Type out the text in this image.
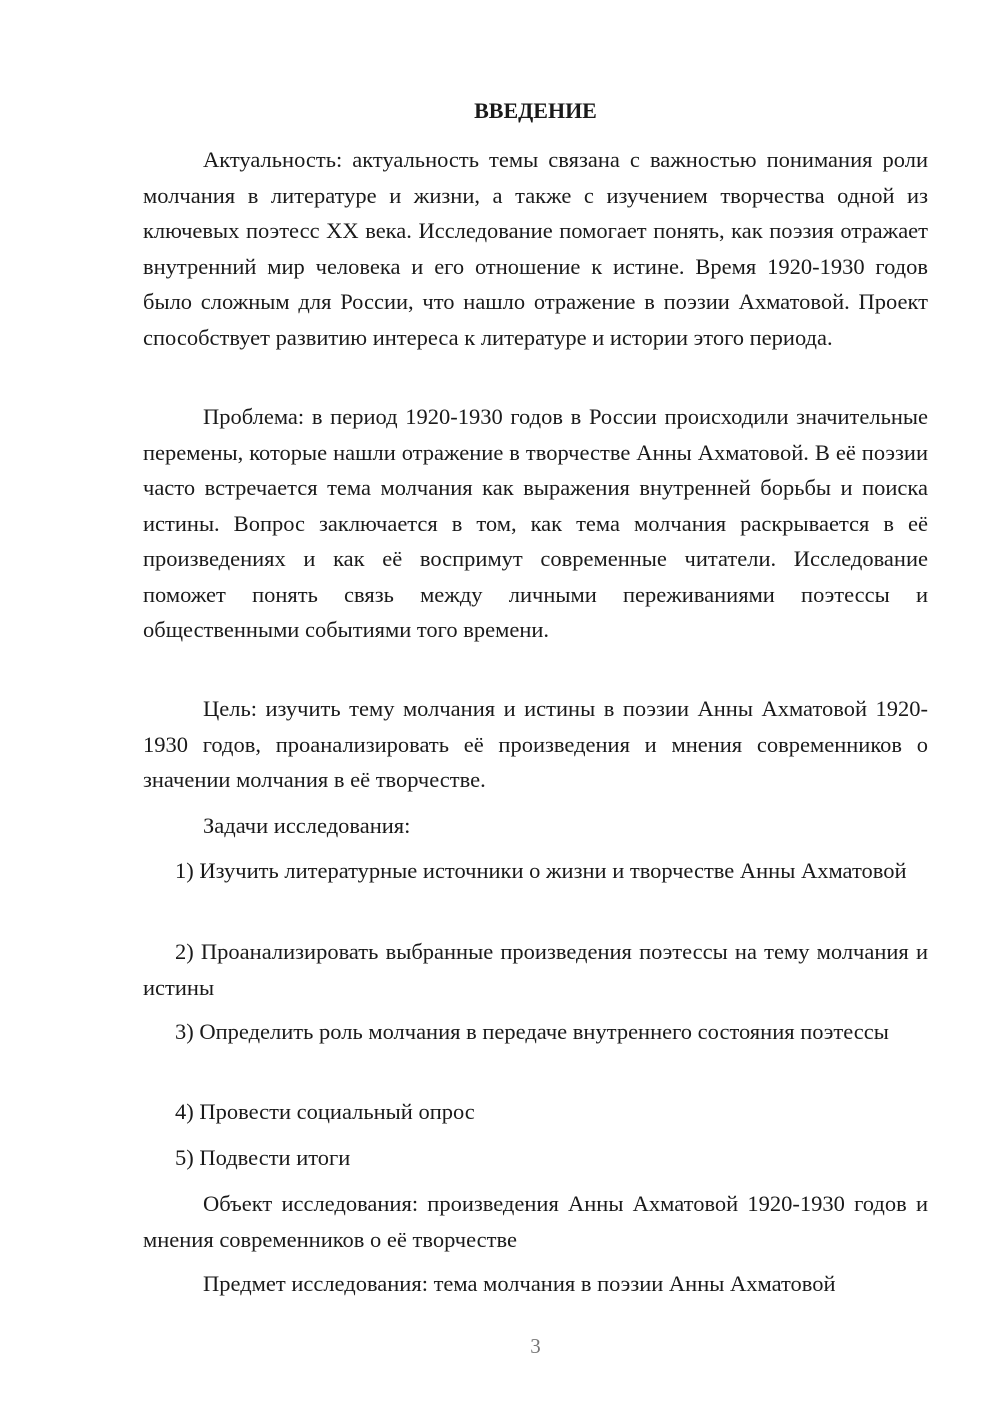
ВВЕДЕНИЕ

Актуальность: актуальность темы связана с важностью понимания роли молчания в литературе и жизни, а также с изучением творчества одной из ключевых поэтесс XX века. Исследование помогает понять, как поэзия отражает внутренний мир человека и его отношение к истине. Время 1920-1930 годов было сложным для России, что нашло отражение в поэзии Ахматовой. Проект способствует развитию интереса к литературе и истории этого периода.

Проблема: в период 1920-1930 годов в России происходили значительные перемены, которые нашли отражение в творчестве Анны Ахматовой. В её поэзии часто встречается тема молчания как выражения внутренней борьбы и поиска истины. Вопрос заключается в том, как тема молчания раскрывается в её произведениях и как её воспримут современные читатели. Исследование поможет понять связь между личными переживаниями поэтессы и общественными событиями того времени.

Цель: изучить тему молчания и истины в поэзии Анны Ахматовой 1920-1930 годов, проанализировать её произведения и мнения современников о значении молчания в её творчестве.

Задачи исследования:

1) Изучить литературные источники о жизни и творчестве Анны Ахматовой

2) Проанализировать выбранные произведения поэтессы на тему молчания и истины

3) Определить роль молчания в передаче внутреннего состояния поэтессы

4) Провести социальный опрос

5) Подвести итоги

Объект исследования: произведения Анны Ахматовой 1920-1930 годов и мнения современников о её творчестве

Предмет исследования: тема молчания в поэзии Анны Ахматовой

3
